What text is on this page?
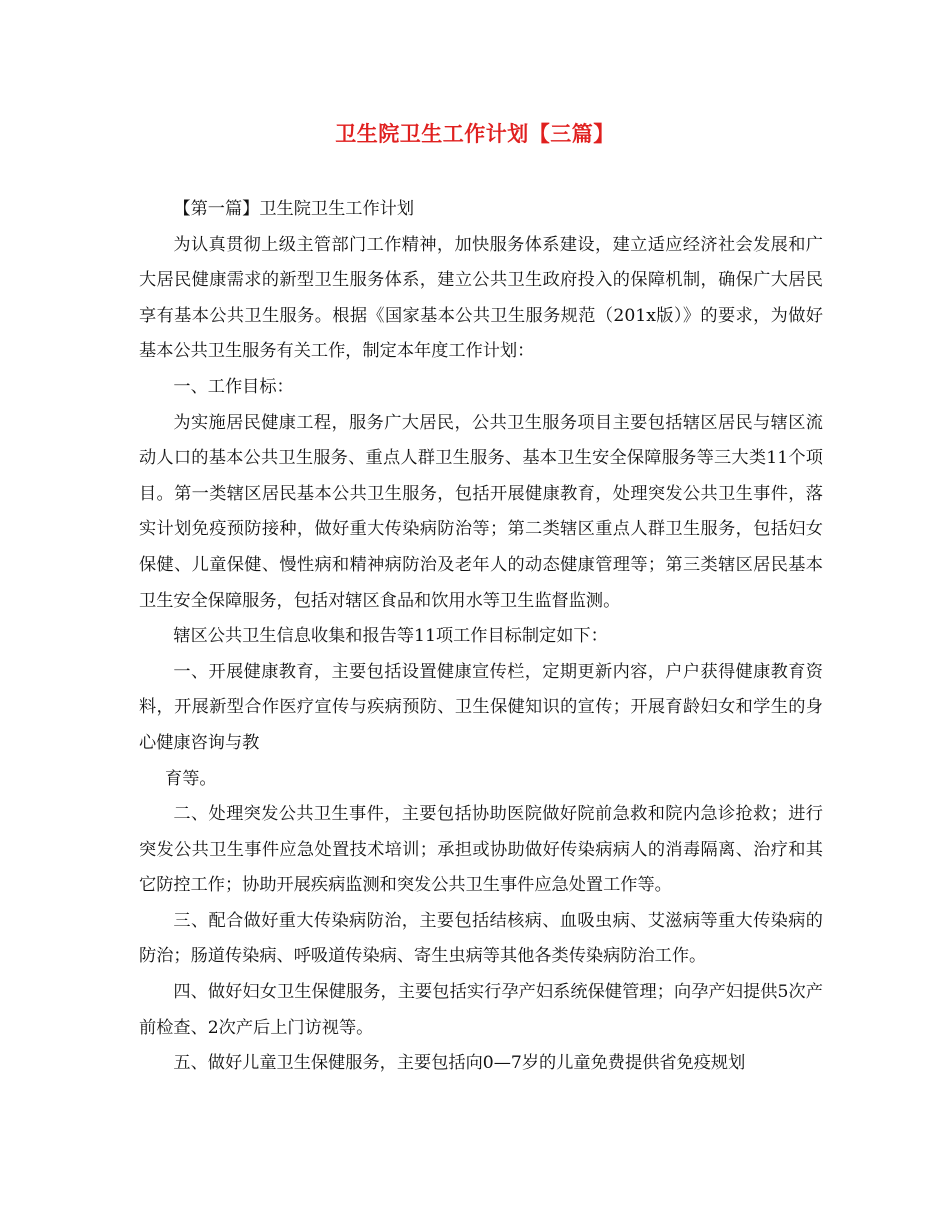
卫生院卫生工作计划【三篇】

【第一篇】卫生院卫生工作计划

为认真贯彻上级主管部门工作精神，加快服务体系建设，建立适应经济社会发展和广大居民健康需求的新型卫生服务体系，建立公共卫生政府投入的保障机制，确保广大居民享有基本公共卫生服务。根据《国家基本公共卫生服务规范（201x版）》的要求，为做好基本公共卫生服务有关工作，制定本年度工作计划：

一、工作目标：

为实施居民健康工程，服务广大居民，公共卫生服务项目主要包括辖区居民与辖区流动人口的基本公共卫生服务、重点人群卫生服务、基本卫生安全保障服务等三大类11个项目。第一类辖区居民基本公共卫生服务，包括开展健康教育，处理突发公共卫生事件，落实计划免疫预防接种，做好重大传染病防治等；第二类辖区重点人群卫生服务，包括妇女保健、儿童保健、慢性病和精神病防治及老年人的动态健康管理等；第三类辖区居民基本卫生安全保障服务，包括对辖区食品和饮用水等卫生监督监测。

辖区公共卫生信息收集和报告等11项工作目标制定如下：

一、开展健康教育，主要包括设置健康宣传栏，定期更新内容，户户获得健康教育资料，开展新型合作医疗宣传与疾病预防、卫生保健知识的宣传；开展育龄妇女和学生的身心健康咨询与教

育等。

二、处理突发公共卫生事件，主要包括协助医院做好院前急救和院内急诊抢救；进行突发公共卫生事件应急处置技术培训；承担或协助做好传染病病人的消毒隔离、治疗和其它防控工作；协助开展疾病监测和突发公共卫生事件应急处置工作等。

三、配合做好重大传染病防治，主要包括结核病、血吸虫病、艾滋病等重大传染病的防治；肠道传染病、呼吸道传染病、寄生虫病等其他各类传染病防治工作。

四、做好妇女卫生保健服务，主要包括实行孕产妇系统保健管理；向孕产妇提供5次产前检查、2次产后上门访视等。

五、做好儿童卫生保健服务，主要包括向0—7岁的儿童免费提供省免疫规划
